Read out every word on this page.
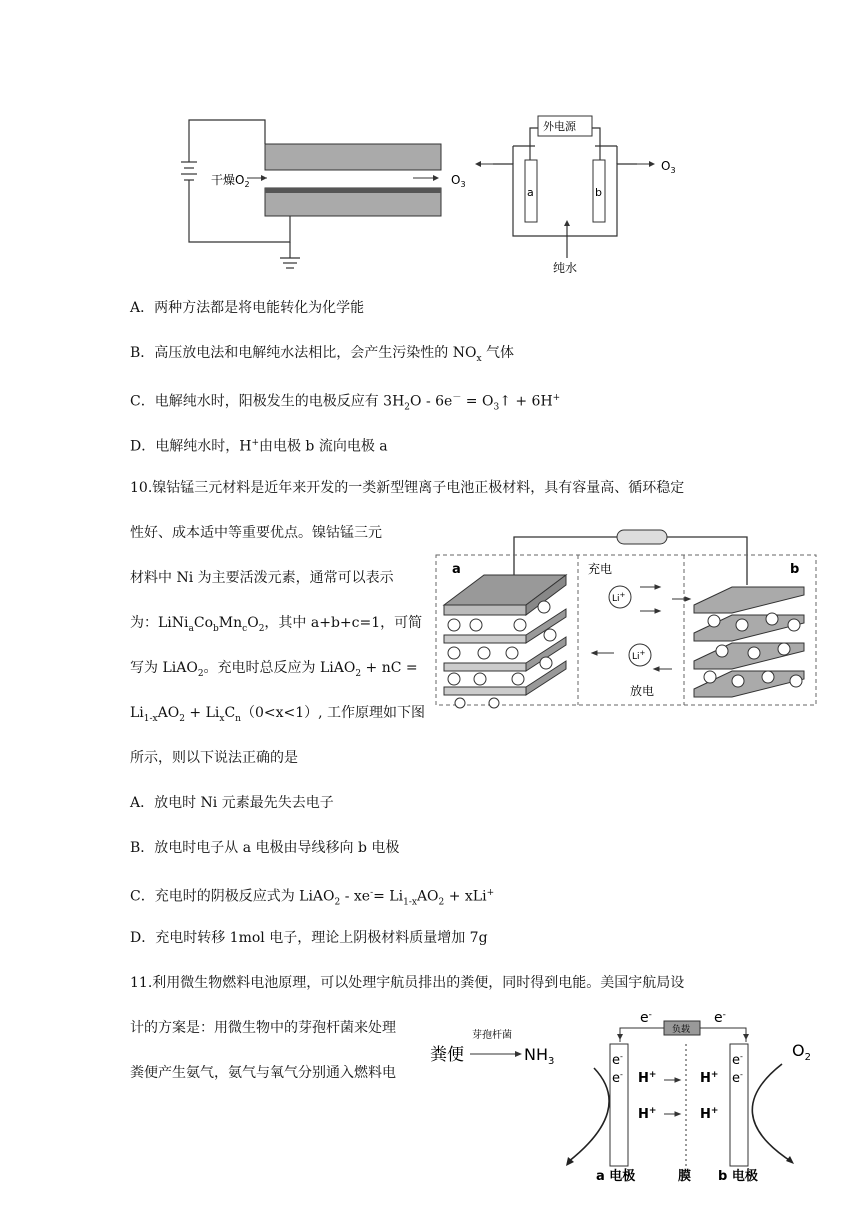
干燥$O_2$	$O_3$
外电源
a	b
$O_3$
纯水
A．两种方法都是将电能转化为化学能
B．高压放电法和电解纯水法相比，会产生污染性的 $NO_x$ 气体
C．电解纯水时，阳极发生的电极反应有 $3H_2O - 6e^-$ = $O_3↑ + 6H^+$
D．电解纯水时，H+由电极 b 流向电极 a
10.镍钴锰三元材料是近年来开发的一类新型锂离子电池正极材料，具有容量高、循环稳定
性好、成本适中等重要优点。镍钴锰三元
材料中 Ni 为主要活泼元素，通常可以表示
为：$LiNi_aCo_bMn_cO_2$，其中 a+b+c=1，可简
写为 LiAO$_2$。充电时总反应为 LiAO$_2$ + nC =
$Li_{1-x}AO_2 + Li_xC_n(0<x<1)$, 工作原理如下图
所示，则以下说法正确的是
a	b
充电
放电
Li+
Li+
A．放电时 Ni 元素最先失去电子
B．放电时电子从 a 电极由导线移向 b 电极
C．充电时的阴极反应式为 LiAO$_2$ - $xe^-= Li_{1-x}AO_2 + xLi^+$
D．充电时转移 1mol 电子，理论上阴极材料质量增加 7g
11.利用微生物燃料电池原理，可以处理宇航员排出的粪便，同时得到电能。美国宇航局设
计的方案是：用微生物中的芽孢杆菌来处理
粪便产生氨气，氨气与氧气分别通入燃料电
粪便
芽孢杆菌
$NH_3$
负载
e-	e-
e-
e-
e-
e-
H+
H+
H+
H+
$O_2$
a 电极	膜 b 电极
